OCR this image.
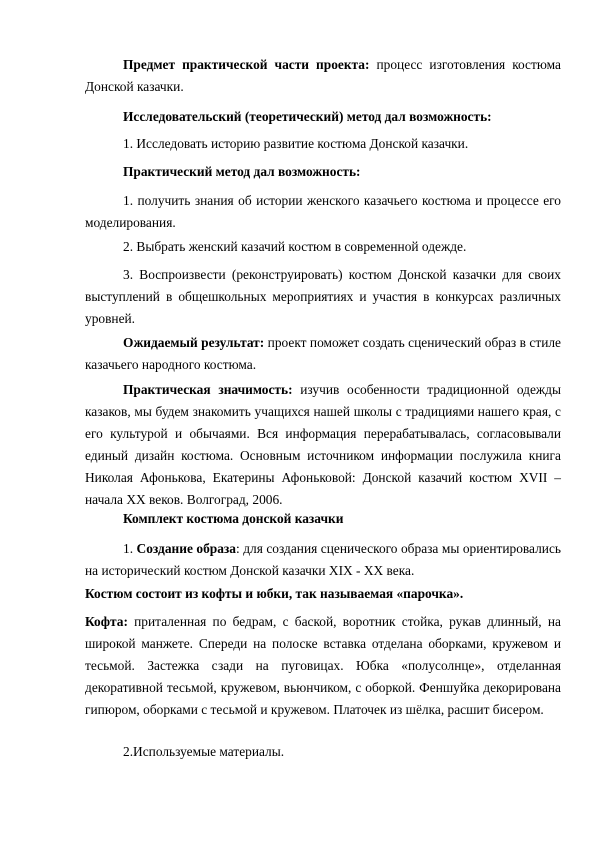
Предмет практической части проекта: процесс изготовления костюма Донской казачки.

Исследовательский (теоретический) метод дал возможность:

1. Исследовать историю развитие костюма Донской казачки.

Практический метод дал возможность:

1. получить знания об истории женского казачьего костюма и процессе его моделирования.

2. Выбрать женский казачий костюм в современной одежде.

3. Воспроизвести (реконструировать) костюм Донской казачки для своих выступлений в общешкольных мероприятиях и участия в конкурсах различных уровней.

Ожидаемый результат: проект поможет создать сценический образ в стиле казачьего народного костюма.

Практическая значимость: изучив особенности традиционной одежды казаков, мы будем знакомить учащихся нашей школы с традициями нашего края, с его культурой и обычаями. Вся информация перерабатывалась, согласовывали единый дизайн костюма. Основным источником информации послужила книга Николая Афонькова, Екатерины Афоньковой: Донской казачий костюм XVII – начала XX веков. Волгоград, 2006.

Комплект костюма донской казачки

1. Создание образа: для создания сценического образа мы ориентировались на исторический костюм Донской казачки XIX - XX века.

Костюм состоит из кофты и юбки, так называемая «парочка».

Кофта: приталенная по бедрам, с баской, воротник стойка, рукав длинный, на широкой манжете. Спереди на полоске вставка отделана оборками, кружевом и тесьмой. Застежка сзади на пуговицах. Юбка «полусолнце», отделанная декоративной тесьмой, кружевом, вьюнчиком, с оборкой. Феншуйка декорирована гипюром, оборками с тесьмой и кружевом. Платочек из шёлка, расшит бисером.

2.Используемые материалы.
